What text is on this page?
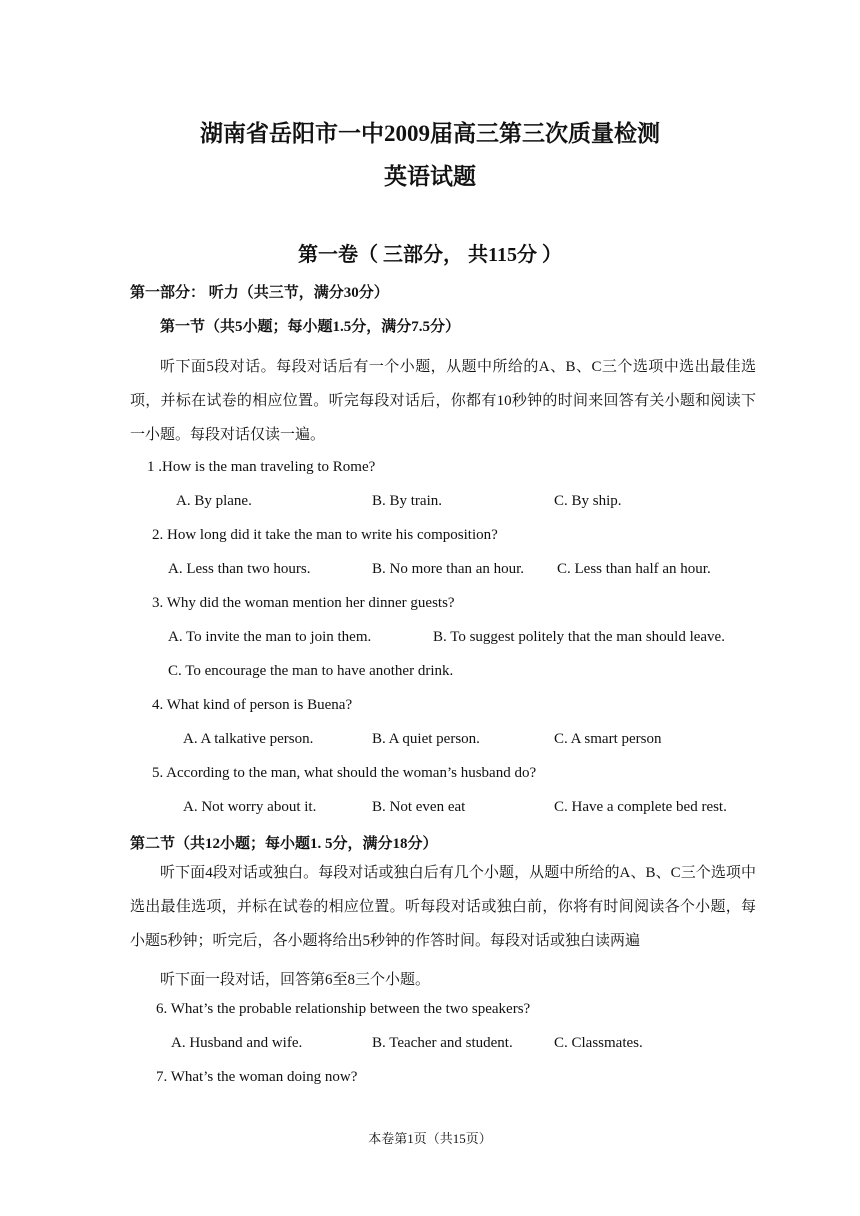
湖南省岳阳市一中2009届高三第三次质量检测
英语试题
第一卷（ 三部分， 共115分 ）
第一部分： 听力（共三节，满分30分）
第一节（共5小题；每小题1.5分，满分7.5分）
听下面5段对话。每段对话后有一个小题，从题中所给的A、B、C三个选项中选出最佳选项，并标在试卷的相应位置。听完每段对话后，你都有10秒钟的时间来回答有关小题和阅读下一小题。每段对话仅读一遍。
1 .How is the man traveling to Rome?
A. By plane.	B. By train.	C. By ship.
2. How long did it take the man to write his composition?
A. Less than two hours.	B. No more than an hour. C. Less than half an hour.
3. Why did the woman mention her dinner guests?
A. To invite the man to join them.	B. To suggest politely that the man should leave.
C. To encourage the man to have another drink.
4. What kind of person is Buena?
A. A talkative person.	B. A quiet person.	C. A smart person
5. According to the man, what should the woman’s husband do?
A. Not worry about it.	B. Not even eat	C. Have a complete bed rest.
第二节（共12小题；每小题1. 5分，满分18分）
听下面4段对话或独白。每段对话或独白后有几个小题，从题中所给的A、B、C三个选项中选出最佳选项，并标在试卷的相应位置。听每段对话或独白前，你将有时间阅读各个小题，每小题5秒钟；听完后，各小题将给出5秒钟的作答时间。每段对话或独白读两遍
听下面一段对话，回答第6至8三个小题。
6. What’s the probable relationship between the two speakers?
A. Husband and wife.	B. Teacher and student.	C. Classmates.
7. What’s the woman doing now?
本卷第1页（共15页）
